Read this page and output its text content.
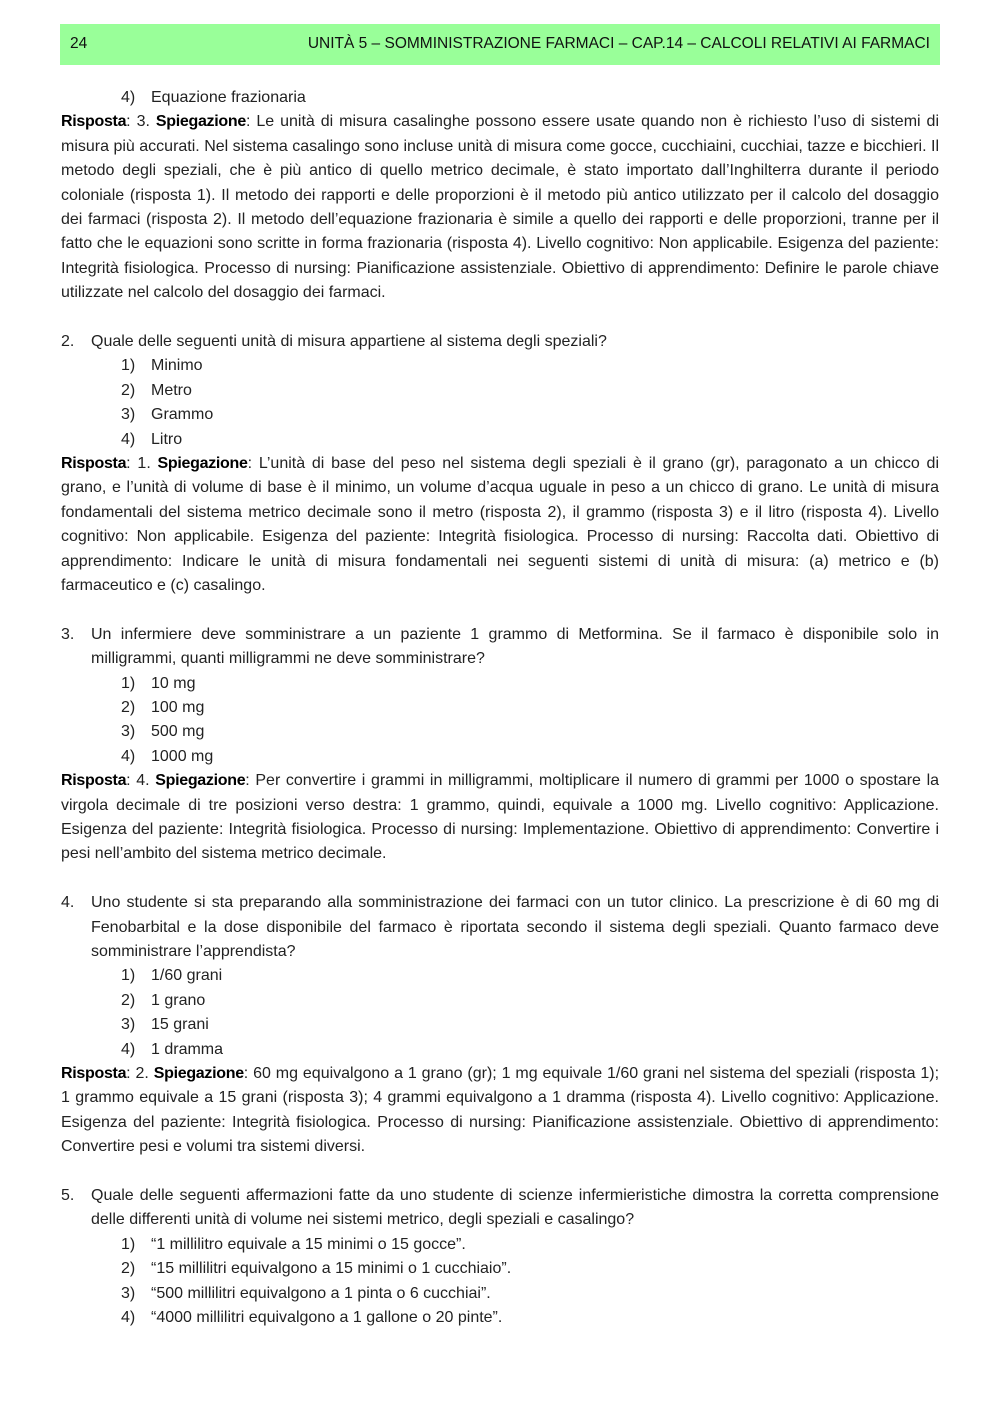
24	UNITÀ 5 – SOMMINISTRAZIONE FARMACI – CAP.14 – CALCOLI RELATIVI AI FARMACI
4) Equazione frazionaria
Risposta: 3. Spiegazione: Le unità di misura casalinghe possono essere usate quando non è richiesto l’uso di sistemi di misura più accurati. Nel sistema casalingo sono incluse unità di misura come gocce, cucchiaini, cucchiai, tazze e bicchieri. Il metodo degli speziali, che è più antico di quello metrico decimale, è stato importato dall’Inghilterra durante il periodo coloniale (risposta 1). Il metodo dei rapporti e delle proporzioni è il metodo più antico utilizzato per il calcolo del dosaggio dei farmaci (risposta 2). Il metodo dell’equazione frazionaria è simile a quello dei rapporti e delle proporzioni, tranne per il fatto che le equazioni sono scritte in forma frazionaria (risposta 4). Livello cognitivo: Non applicabile. Esigenza del paziente: Integrità fisiologica. Processo di nursing: Pianificazione assistenziale. Obiettivo di apprendimento: Definire le parole chiave utilizzate nel calcolo del dosaggio dei farmaci.
2.	Quale delle seguenti unità di misura appartiene al sistema degli speziali?
1) Minimo
2) Metro
3) Grammo
4) Litro
Risposta: 1. Spiegazione: L’unità di base del peso nel sistema degli speziali è il grano (gr), paragonato a un chicco di grano, e l’unità di volume di base è il minimo, un volume d’acqua uguale in peso a un chicco di grano. Le unità di misura fondamentali del sistema metrico decimale sono il metro (risposta 2), il grammo (risposta 3) e il litro (risposta 4). Livello cognitivo: Non applicabile. Esigenza del paziente: Integrità fisiologica. Processo di nursing: Raccolta dati. Obiettivo di apprendimento: Indicare le unità di misura fondamentali nei seguenti sistemi di unità di misura: (a) metrico e (b) farmaceutico e (c) casalingo.
3.	Un infermiere deve somministrare a un paziente 1 grammo di Metformina. Se il farmaco è disponibile solo in milligrammi, quanti milligrammi ne deve somministrare?
1) 10 mg
2) 100 mg
3) 500 mg
4) 1000 mg
Risposta: 4. Spiegazione: Per convertire i grammi in milligrammi, moltiplicare il numero di grammi per 1000 o spostare la virgola decimale di tre posizioni verso destra: 1 grammo, quindi, equivale a 1000 mg. Livello cognitivo: Applicazione. Esigenza del paziente: Integrità fisiologica. Processo di nursing: Implementazione. Obiettivo di apprendimento: Convertire i pesi nell’ambito del sistema metrico decimale.
4.	Uno studente si sta preparando alla somministrazione dei farmaci con un tutor clinico. La prescrizione è di 60 mg di Fenobarbital e la dose disponibile del farmaco è riportata secondo il sistema degli speziali. Quanto farmaco deve somministrare l’apprendista?
1) 1/60 grani
2) 1 grano
3) 15 grani
4) 1 dramma
Risposta: 2. Spiegazione: 60 mg equivalgono a 1 grano (gr); 1 mg equivale 1/60 grani nel sistema del speziali (risposta 1); 1 grammo equivale a 15 grani (risposta 3); 4 grammi equivalgono a 1 dramma (risposta 4). Livello cognitivo: Applicazione. Esigenza del paziente: Integrità fisiologica. Processo di nursing: Pianificazione assistenziale. Obiettivo di apprendimento: Convertire pesi e volumi tra sistemi diversi.
5.	Quale delle seguenti affermazioni fatte da uno studente di scienze infermieristiche dimostra la corretta comprensione delle differenti unità di volume nei sistemi metrico, degli speziali e casalingo?
1) “1 millilitro equivale a 15 minimi o 15 gocce”.
2) “15 millilitri equivalgono a 15 minimi o 1 cucchiaio”.
3) “500 millilitri equivalgono a 1 pinta o 6 cucchiai”.
4) “4000 millilitri equivalgono a 1 gallone o 20 pinte”.
